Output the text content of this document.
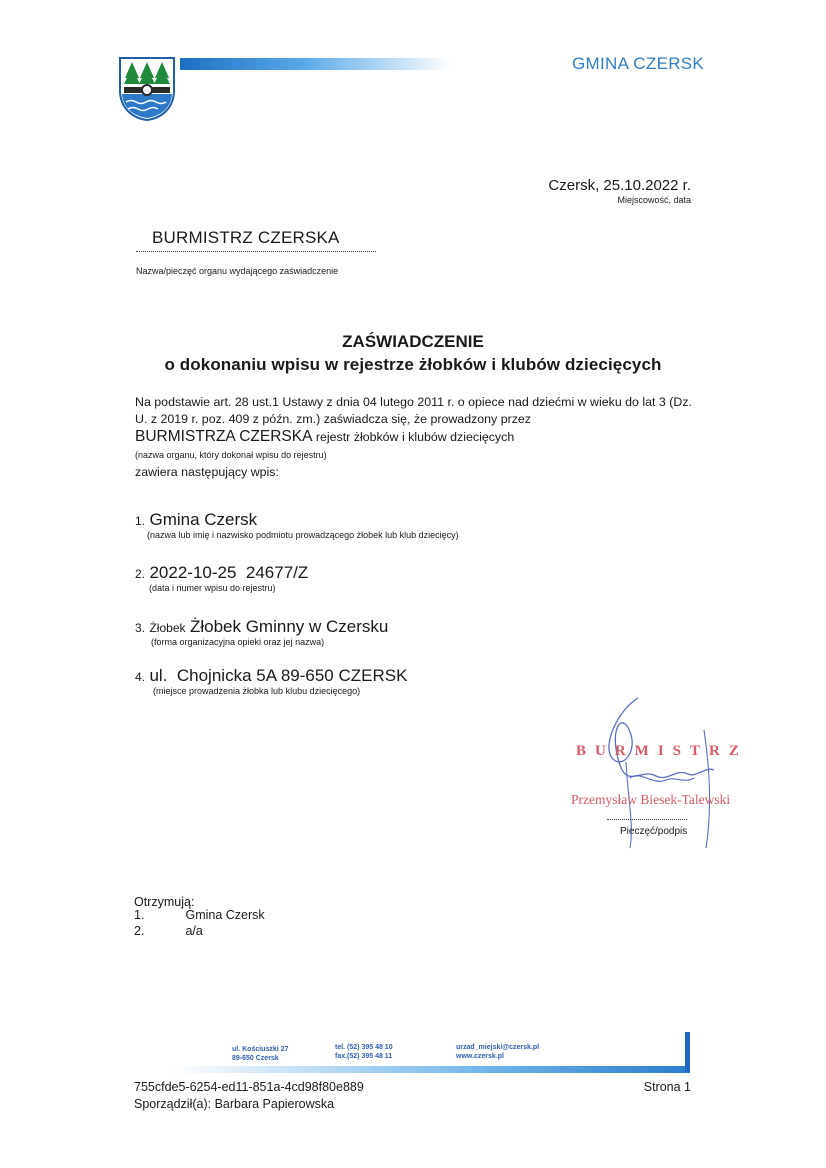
GMINA CZERSK
Czersk, 25.10.2022 r.
Miejscowość, data
BURMISTRZ CZERSKA
Nazwa/pieczęć organu wydającego zaświadczenie
ZAŚWIADCZENIE
o dokonaniu wpisu w rejestrze żłobków i klubów dziecięcych
Na podstawie art. 28 ust.1 Ustawy z dnia 04 lutego 2011 r. o opiece nad dziećmi w wieku do lat 3 (Dz. U. z 2019 r. poz. 409 z późn. zm.) zaświadcza się, że prowadzony przez
BURMISTRZA CZERSKA rejestr żłobków i klubów dziecięcych
(nazwa organu, który dokonał wpisu do rejestru)
zawiera następujący wpis:
1. Gmina Czersk
(nazwa lub imię i nazwisko podmiotu prowadzącego żłobek lub klub dziecięcy)
2. 2022-10-25  24677/Z
(data i numer wpisu do rejestru)
3. Żłobek Żłobek Gminny w Czersku
(forma organizacyjna opieki oraz jej nazwa)
4. ul.  Chojnicka 5A 89-650 CZERSK
(miejsce prowadzenia żłobka lub klubu dziecięcego)
BURMISTRZ
Przemysław Biesek-Talewski
Pieczęć/podpis
Otrzymują:
1.	Gmina Czersk
2.	a/a
ul. Kościuszki 27
89-650 Czersk
tel. (52) 395 48 10
fax.(52) 395 48 11
urzad_miejski@czersk.pl
www.czersk.pl
755cfde5-6254-ed11-851a-4cd98f80e889
Sporządził(a): Barbara Papierowska
Strona 1
